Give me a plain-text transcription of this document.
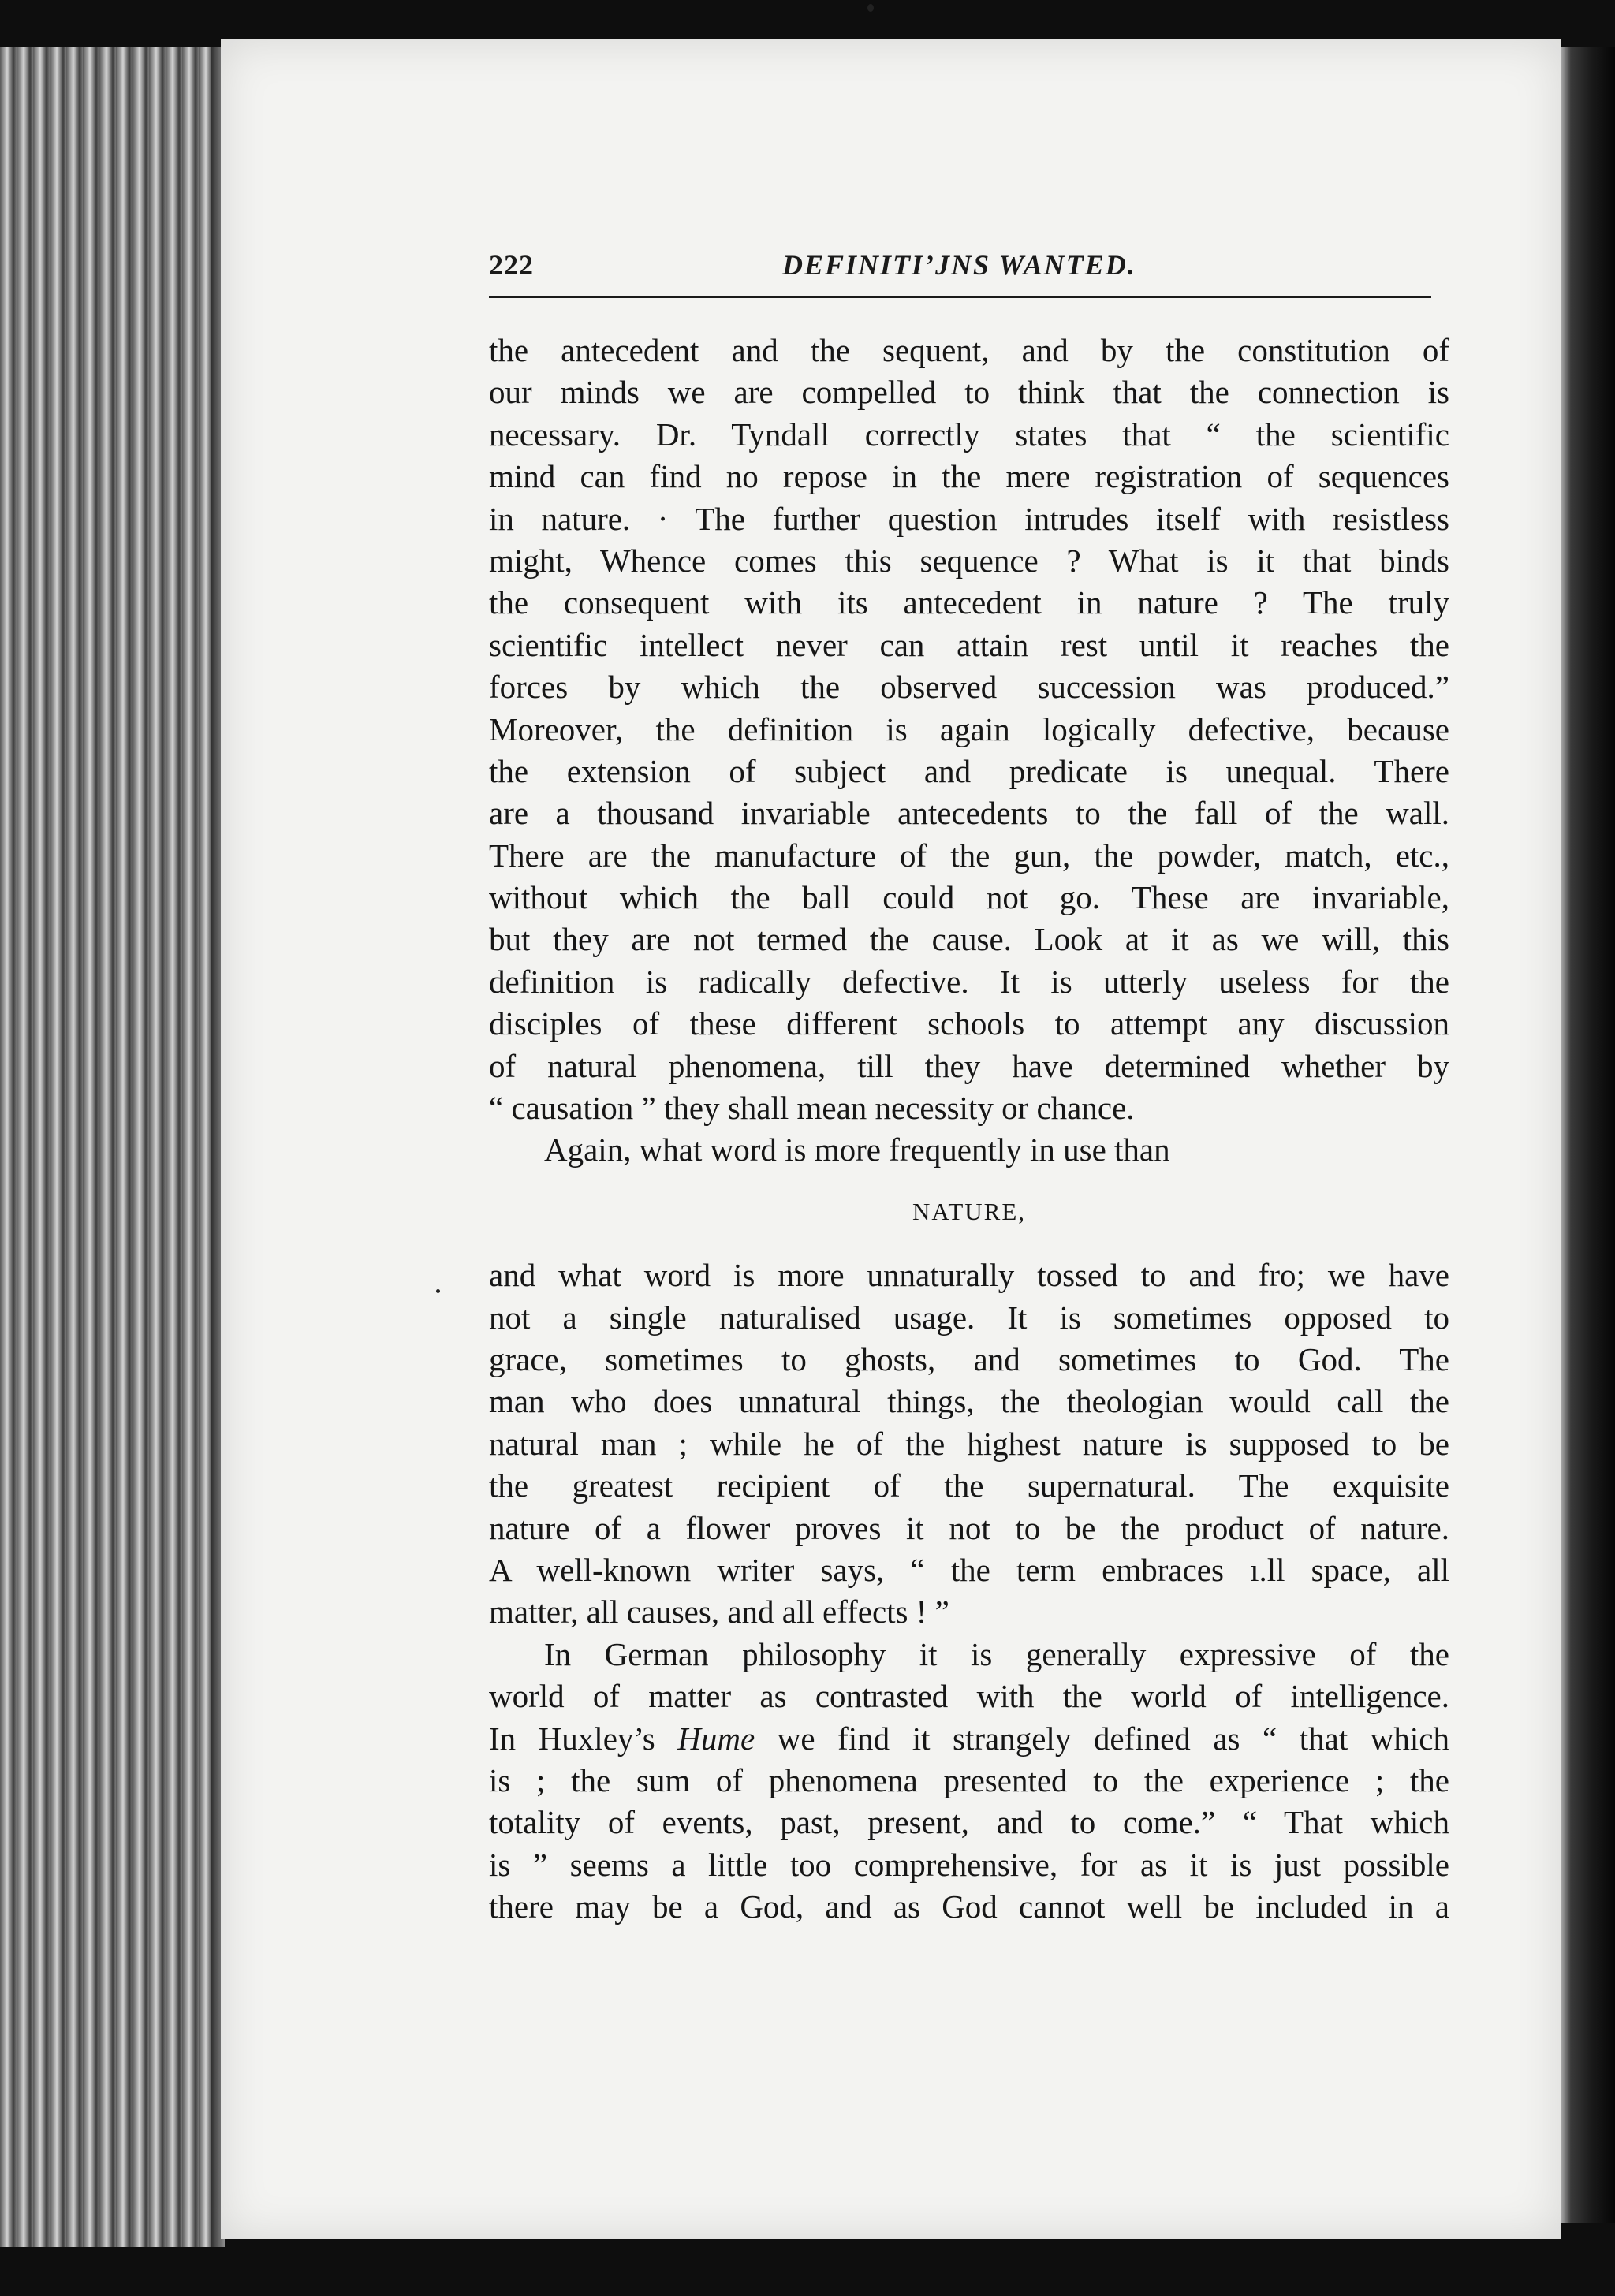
222	DEFINITI’JNS WANTED.
the antecedent and the sequent, and by the constitution of
our minds we are compelled to think that the connection is
necessary. Dr. Tyndall correctly states that “ the scientific
mind can find no repose in the mere registration of sequences
in nature. · The further question intrudes itself with resistless
might, Whence comes this sequence ? What is it that binds
the consequent with its antecedent in nature ? The truly
scientific intellect never can attain rest until it reaches the
forces by which the observed succession was produced.”
Moreover, the definition is again logically defective, because
the extension of subject and predicate is unequal. There
are a thousand invariable antecedents to the fall of the wall.
There are the manufacture of the gun, the powder, match, etc.,
without which the ball could not go. These are invariable,
but they are not termed the cause. Look at it as we will, this
definition is radically defective. It is utterly useless for the
disciples of these different schools to attempt any discussion
of natural phenomena, till they have determined whether by
“ causation ” they shall mean necessity or chance.
Again, what word is more frequently in use than
NATURE,
and what word is more unnaturally tossed to and fro; we have
not a single naturalised usage. It is sometimes opposed to
grace, sometimes to ghosts, and sometimes to God. The
man who does unnatural things, the theologian would call the
natural man ; while he of the highest nature is supposed to be
the greatest recipient of the supernatural. The exquisite
nature of a flower proves it not to be the product of nature.
A well-known writer says, “ the term embraces ı.ll space, all
matter, all causes, and all effects ! ”
In German philosophy it is generally expressive of the
world of matter as contrasted with the world of intelligence.
In Huxley’s Hume we find it strangely defined as “ that which
is ; the sum of phenomena presented to the experience ; the
totality of events, past, present, and to come.” “ That which
is ” seems a little too comprehensive, for as it is just possible
there may be a God, and as God cannot well be included in a
